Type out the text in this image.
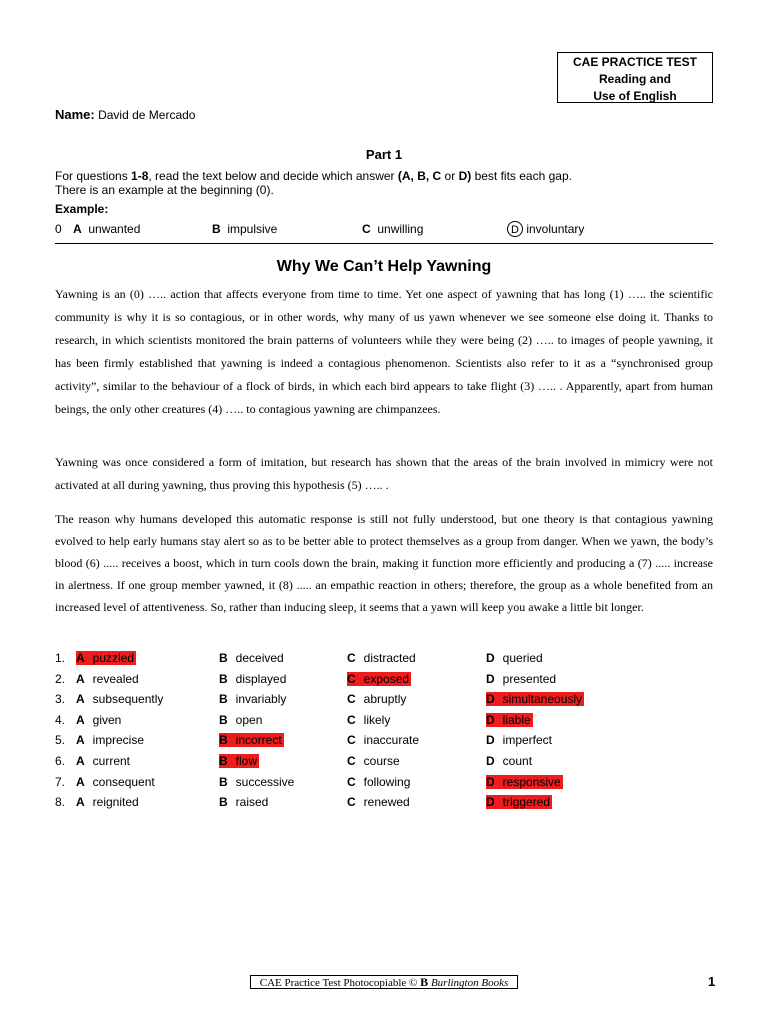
CAE PRACTICE TEST
Reading and
Use of English
Name: David de Mercado
Part 1
For questions 1-8, read the text below and decide which answer (A, B, C or D) best fits each gap.
There is an example at the beginning (0).
Example:
0 A unwanted	B impulsive	C unwilling	D involuntary
Why We Can’t Help Yawning
Yawning is an (0) ….. action that affects everyone from time to time. Yet one aspect of yawning that has long (1) ….. the scientific community is why it is so contagious, or in other words, why many of us yawn whenever we see someone else doing it. Thanks to research, in which scientists monitored the brain patterns of volunteers while they were being (2) ….. to images of people yawning, it has been firmly established that yawning is indeed a contagious phenomenon. Scientists also refer to it as a “synchronised group activity”, similar to the behaviour of a flock of birds, in which each bird appears to take flight (3) ….. . Apparently, apart from human beings, the only other creatures (4) ….. to contagious yawning are chimpanzees.
Yawning was once considered a form of imitation, but research has shown that the areas of the brain involved in mimicry were not activated at all during yawning, thus proving this hypothesis (5) ….. .
The reason why humans developed this automatic response is still not fully understood, but one theory is that contagious yawning evolved to help early humans stay alert so as to be better able to protect themselves as a group from danger. When we yawn, the body’s blood (6) ..... receives a boost, which in turn cools down the brain, making it function more efficiently and producing a (7) ..... increase in alertness. If one group member yawned, it (8) ..... an empathic reaction in others; therefore, the group as a whole benefited from an increased level of attentiveness. So, rather than inducing sleep, it seems that a yawn will keep you awake a little bit longer.
1. A puzzled	B deceived	C distracted	D queried
2. A revealed	B displayed	C exposed	D presented
3. A subsequently	B invariably	C abruptly	D simultaneously
4. A given	B open	C likely	D liable
5. A imprecise	B incorrect	C inaccurate	D imperfect
6. A current	B flow	C course	D count
7. A consequent	B successive	C following	D responsive
8. A reignited	B raised	C renewed	D triggered
CAE Practice Test Photocopiable © B Burlington Books	1
